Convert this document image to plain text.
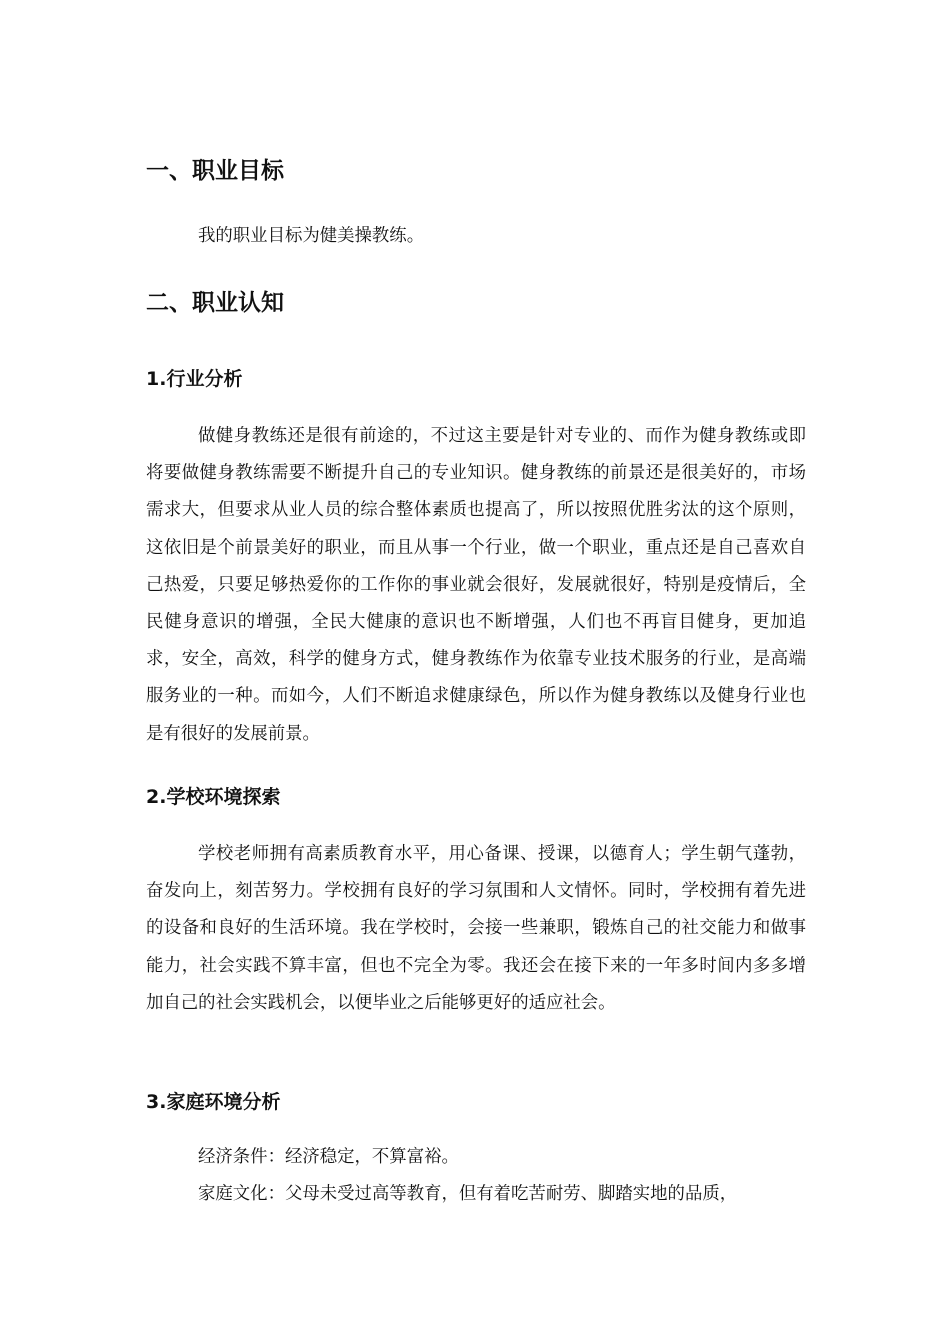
一、职业目标

我的职业目标为健美操教练。

二、职业认知
1.行业分析

做健身教练还是很有前途的，不过这主要是针对专业的、而作为健身教练或即将要做健身教练需要不断提升自己的专业知识。健身教练的前景还是很美好的，市场需求大，但要求从业人员的综合整体素质也提高了，所以按照优胜劣汰的这个原则，这依旧是个前景美好的职业，而且从事一个行业，做一个职业，重点还是自己喜欢自己热爱，只要足够热爱你的工作你的事业就会很好，发展就很好，特别是疫情后，全民健身意识的增强，全民大健康的意识也不断增强，人们也不再盲目健身，更加追求，安全，高效，科学的健身方式，健身教练作为依靠专业技术服务的行业，是高端服务业的一种。而如今，人们不断追求健康绿色，所以作为健身教练以及健身行业也是有很好的发展前景。

2.学校环境探索

学校老师拥有高素质教育水平，用心备课、授课，以德育人；学生朝气蓬勃，奋发向上，刻苦努力。学校拥有良好的学习氛围和人文情怀。同时，学校拥有着先进的设备和良好的生活环境。我在学校时，会接一些兼职，锻炼自己的社交能力和做事能力，社会实践不算丰富，但也不完全为零。我还会在接下来的一年多时间内多多增加自己的社会实践机会，以便毕业之后能够更好的适应社会。

3.家庭环境分析

经济条件：经济稳定，不算富裕。

家庭文化：父母未受过高等教育，但有着吃苦耐劳、脚踏实地的品质，
